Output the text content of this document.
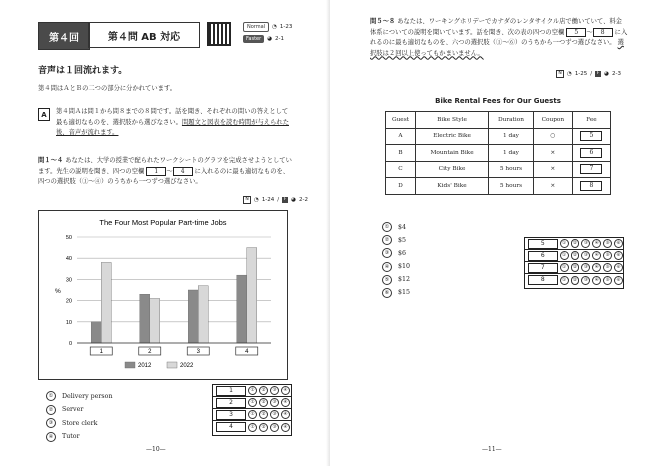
第４回	第４問 AB 対応
Normal	◔ 1-23
Faster	◕ 2-1
音声は１回流れます。
第４問はＡとＢの二つの部分に分かれています。
A	第４問Ａは問１から問８までの８問です。話を聞き、それぞれの問いの答えとして最も適切なものを、選択肢から選びなさい。問題文と図表を読む時間が与えられた後、音声が流れます。
問１～４ あなたは、大学の授業で配られたワークシートのグラフを完成させようとしています。先生の説明を聞き、四つの空欄 1 ～ 4 に入れるのに最も適切なものを、四つの選択肢（①～④）のうちから一つずつ選びなさい。
N ◔ 1-24 /	F ◕ 2-2
The Four Most Popular Part-time Jobs
0
10
20
30
40
50
%
1	2	3	4
2012	2022
①	Delivery person
②	Server
③	Store clerk
④	Tutor
1	①	②	③	④
2	①	②	③	④
3	①	②	③	④
4	①	②	③	④
—10—
問５～８ あなたは、ワーキングホリデーでカナダのレンタサイクル店で働いていて、料金体系についての説明を聞いています。話を聞き、次の表の四つの空欄 5 ～ 8 に入れるのに最も適切なものを、六つの選択肢（①～⑥）のうちから一つずつ選びなさい。 選択肢は２回以上使ってもかまいません。
N ◔ 1-25 /	F ◕ 2-3
Bike Rental Fees for Our Guests
Guest	Bike Style	Duration	Coupon	Fee
A	Electric Bike	1 day	○	5
B	Mountain Bike	1 day	×	6
C	City Bike	5 hours	×	7
D	Kids' Bike	5 hours	×	8
①	$4
②	$5
③	$6
④	$10
⑤	$12
⑥	$15
5	①	②	③	④	⑤	⑥
6	①	②	③	④	⑤	⑥
7	①	②	③	④	⑤	⑥
8	①	②	③	④	⑤	⑥
—11—
